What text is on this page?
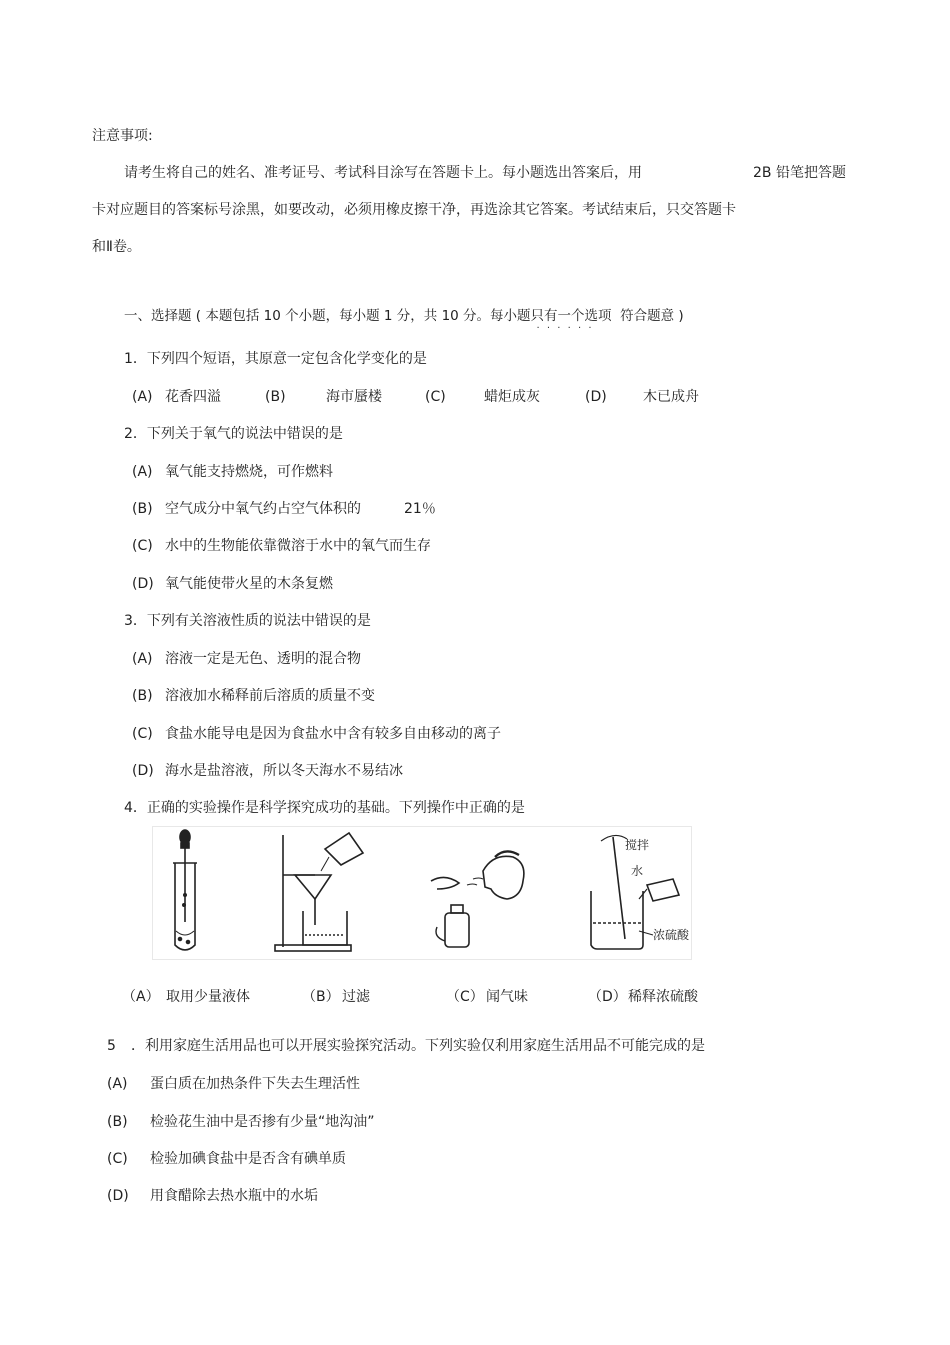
注意事项:
请考生将自己的姓名、准考证号、考试科目涂写在答题卡上。每小题选出答案后，用	2B 铅笔把答题
卡对应题目的答案标号涂黑，如要改动，必须用橡皮擦干净，再选涂其它答案。考试结束后，只交答题卡
和Ⅱ卷。
一、选择题 ( 本题包括 10 个小题，每小题 1 分，共 10 分。每小题只有一个选项 · · · 符合题意 )
1．下列四个短语，其原意一定包含化学变化的是
(A) 花香四溢	(B)	海市蜃楼	(C)	蜡炬成灰	(D)	木已成舟
2．下列关于氧气的说法中错误的是
(A) 氧气能支持燃烧，可作燃料
(B) 空气成分中氧气约占空气体积的	21％
(C) 水中的生物能依靠微溶于水中的氧气而生存
(D) 氧气能使带火星的木条复燃
3．下列有关溶液性质的说法中错误的是
(A) 溶液一定是无色、透明的混合物
(B) 溶液加水稀释前后溶质的质量不变
(C) 食盐水能导电是因为食盐水中含有较多自由移动的离子
(D) 海水是盐溶液，所以冬天海水不易结冰
4．正确的实验操作是科学探究成功的基础。下列操作中正确的是
搅拌
水
浓硫酸
（A） 取用少量液体	（B） 过滤	（C） 闻气味	（D） 稀释浓硫酸
5 ．利用家庭生活用品也可以开展实验探究活动。下列实验仅利用家庭生活用品不可能完成的是
(A) 蛋白质在加热条件下失去生理活性
(B) 检验花生油中是否掺有少量“地沟油”
(C) 检验加碘食盐中是否含有碘单质
(D) 用食醋除去热水瓶中的水垢
